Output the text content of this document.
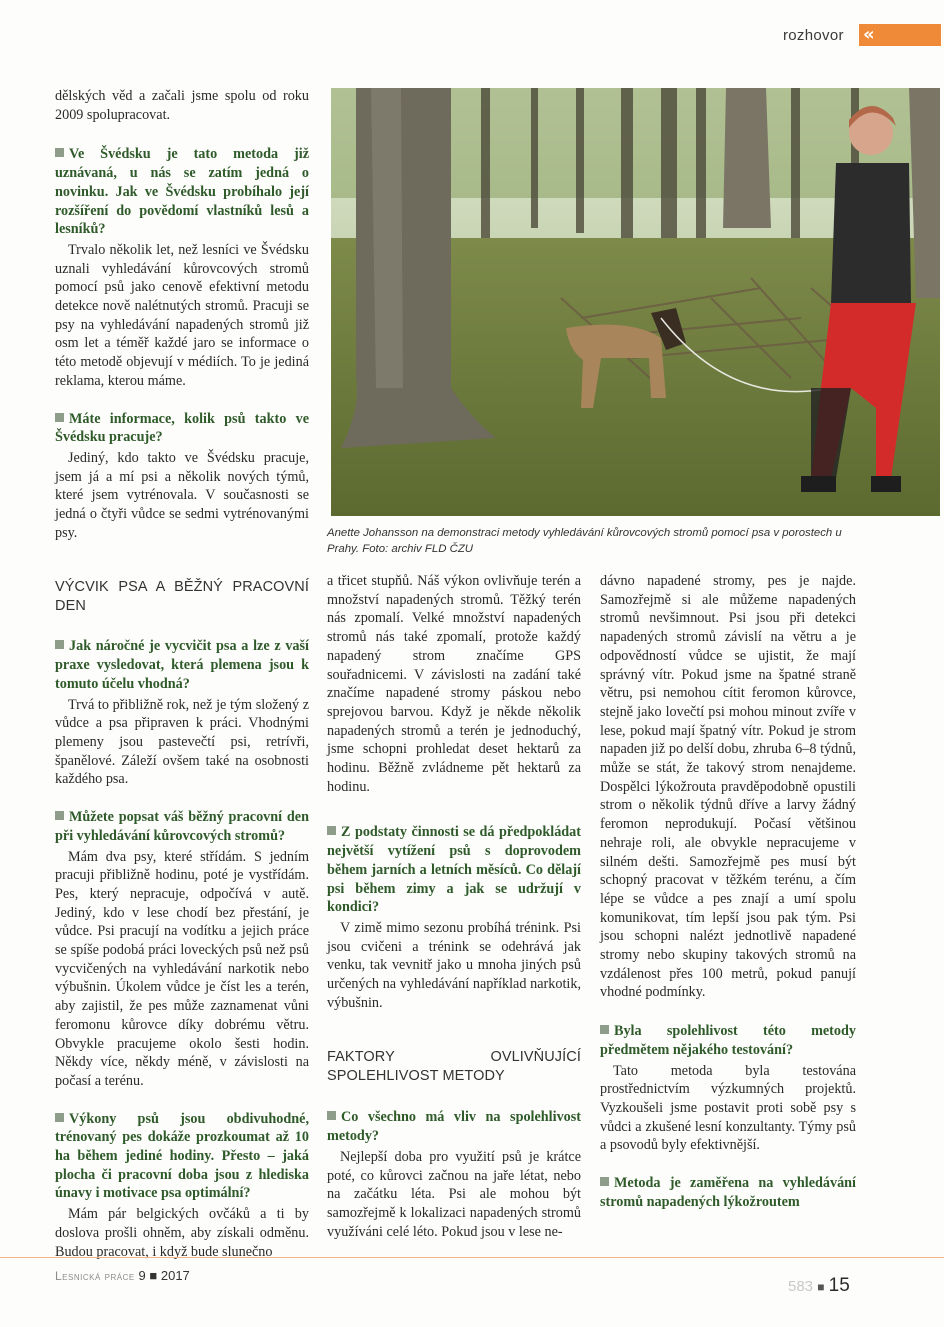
rozhovor «

dělských věd a začali jsme spolu od roku 2009 spolupracovat.

Ve Švédsku je tato metoda již uznávaná, u nás se zatím jedná o novinku. Jak ve Švédsku probíhalo její rozšíření do povědomí vlastníků lesů a lesníků?

Trvalo několik let, než lesníci ve Švédsku uznali vyhledávání kůrovcových stromů pomocí psů jako cenově efektivní metodu detekce nově nalétnutých stromů. Pracuji se psy na vyhledávání napadených stromů již osm let a téměř každé jaro se informace o této metodě objevují v médiích. To je jediná reklama, kterou máme.

Máte informace, kolik psů takto ve Švédsku pracuje?

Jediný, kdo takto ve Švédsku pracuje, jsem já a mí psi a několik nových týmů, které jsem vytrénovala. V současnosti se jedná o čtyři vůdce se sedmi vytrénovanými psy.

VÝCVIK PSA A BĚŽNÝ PRACOVNÍ DEN
Jak náročné je vycvičit psa a lze z vaší praxe vysledovat, která plemena jsou k tomuto účelu vhodná?

Trvá to přibližně rok, než je tým složený z vůdce a psa připraven k práci. Vhodnými plemeny jsou pastevečtí psi, retrívři, španělové. Záleží ovšem také na osobnosti každého psa.

Můžete popsat váš běžný pracovní den při vyhledávání kůrovcových stromů?

Mám dva psy, které střídám. S jedním pracuji přibližně hodinu, poté je vystřídám. Pes, který nepracuje, odpočívá v autě. Jediný, kdo v lese chodí bez přestání, je vůdce. Psi pracují na vodítku a jejich práce se spíše podobá práci loveckých psů než psů vycvičených na vyhledávání narkotik nebo výbušnin. Úkolem vůdce je číst les a terén, aby zajistil, že pes může zaznamenat vůni feromonu kůrovce díky dobrému větru. Obvykle pracujeme okolo šesti hodin. Někdy více, někdy méně, v závislosti na počasí a terénu.

Výkony psů jsou obdivuhodné, trénovaný pes dokáže prozkoumat až 10 ha během jediné hodiny. Přesto – jaká plocha či pracovní doba jsou z hlediska únavy i motivace psa optimální?

Mám pár belgických ovčáků a ti by doslova prošli ohněm, aby získali odměnu. Budou pracovat, i když bude slunečno

Anette Johansson na demonstraci metody vyhledávání kůrovcových stromů pomocí psa v porostech u Prahy. Foto: archiv FLD ČZU

a třicet stupňů. Náš výkon ovlivňuje terén a množství napadených stromů. Těžký terén nás zpomalí. Velké množství napadených stromů nás také zpomalí, protože každý napadený strom značíme GPS souřadnicemi. V závislosti na zadání také značíme napadené stromy páskou nebo sprejovou barvou. Když je někde několik napadených stromů a terén je jednoduchý, jsme schopni prohledat deset hektarů za hodinu. Běžně zvládneme pět hektarů za hodinu.

Z podstaty činnosti se dá předpokládat největší vytížení psů s doprovodem během jarních a letních měsíců. Co dělají psi během zimy a jak se udržují v kondici?

V zimě mimo sezonu probíhá trénink. Psi jsou cvičeni a trénink se odehrává jak venku, tak vevnitř jako u mnoha jiných psů určených na vyhledávání například narkotik, výbušnin.

FAKTORY OVLIVŇUJÍCÍ SPOLEHLIVOST METODY
Co všechno má vliv na spolehlivost metody?

Nejlepší doba pro využití psů je krátce poté, co kůrovci začnou na jaře létat, nebo na začátku léta. Psi ale mohou být samozřejmě k lokalizaci napadených stromů využíváni celé léto. Pokud jsou v lese ne-

dávno napadené stromy, pes je najde. Samozřejmě si ale můžeme napadených stromů nevšimnout. Psi jsou při detekci napadených stromů závislí na větru a je odpovědností vůdce se ujistit, že mají správný vítr. Pokud jsme na špatné straně větru, psi nemohou cítit feromon kůrovce, stejně jako lovečtí psi mohou minout zvíře v lese, pokud mají špatný vítr. Pokud je strom napaden již po delší dobu, zhruba 6–8 týdnů, může se stát, že takový strom nenajdeme. Dospělci lýkožrouta pravděpodobně opustili strom o několik týdnů dříve a larvy žádný feromon neprodukují. Počasí většinou nehraje roli, ale obvykle nepracujeme v silném dešti. Samozřejmě pes musí být schopný pracovat v těžkém terénu, a čím lépe se vůdce a pes znají a umí spolu komunikovat, tím lepší jsou pak tým. Psi jsou schopni nalézt jednotlivě napadené stromy nebo skupiny takových stromů na vzdálenost přes 100 metrů, pokud panují vhodné podmínky.

Byla spolehlivost této metody předmětem nějakého testování?

Tato metoda byla testována prostřednictvím výzkumných projektů. Vyzkoušeli jsme postavit proti sobě psy s vůdci a zkušené lesní konzultanty. Týmy psů a psovodů byly efektivnější.

Metoda je zaměřena na vyhledávání stromů napadených lýkožroutem
Lesnická práce 9 ■ 2017
583 ■ 15
